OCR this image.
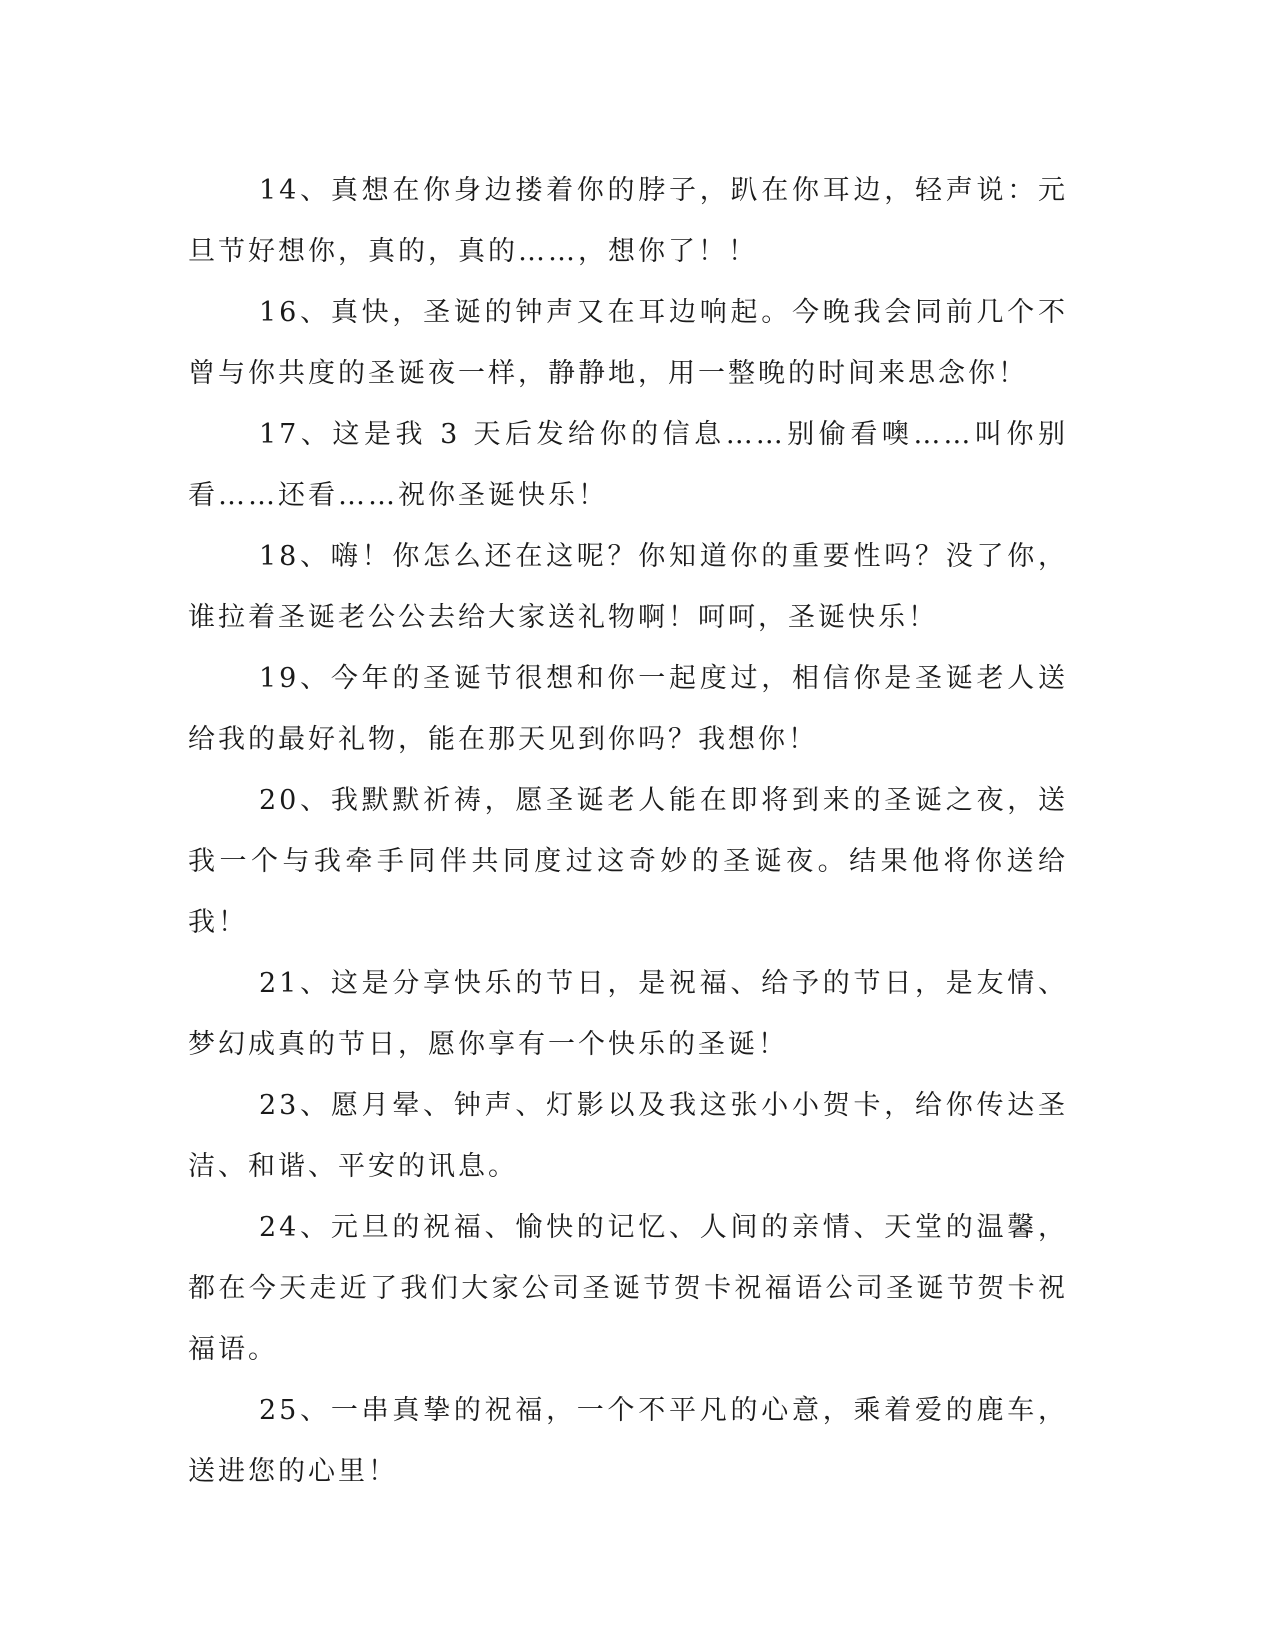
14、真想在你身边搂着你的脖子，趴在你耳边，轻声说：元旦节好想你，真的，真的……，想你了！！

16、真快，圣诞的钟声又在耳边响起。今晚我会同前几个不曾与你共度的圣诞夜一样，静静地，用一整晚的时间来思念你！

17、这是我 3 天后发给你的信息……别偷看噢……叫你别看……还看……祝你圣诞快乐！

18、嗨！你怎么还在这呢？你知道你的重要性吗？没了你，谁拉着圣诞老公公去给大家送礼物啊！呵呵，圣诞快乐！

19、今年的圣诞节很想和你一起度过，相信你是圣诞老人送给我的最好礼物，能在那天见到你吗？我想你！

20、我默默祈祷，愿圣诞老人能在即将到来的圣诞之夜，送我一个与我牵手同伴共同度过这奇妙的圣诞夜。结果他将你送给我！

21、这是分享快乐的节日，是祝福、给予的节日，是友情、梦幻成真的节日，愿你享有一个快乐的圣诞！

23、愿月晕、钟声、灯影以及我这张小小贺卡，给你传达圣洁、和谐、平安的讯息。

24、元旦的祝福、愉快的记忆、人间的亲情、天堂的温馨，都在今天走近了我们大家公司圣诞节贺卡祝福语公司圣诞节贺卡祝福语。

25、一串真挚的祝福，一个不平凡的心意，乘着爱的鹿车，送进您的心里！
